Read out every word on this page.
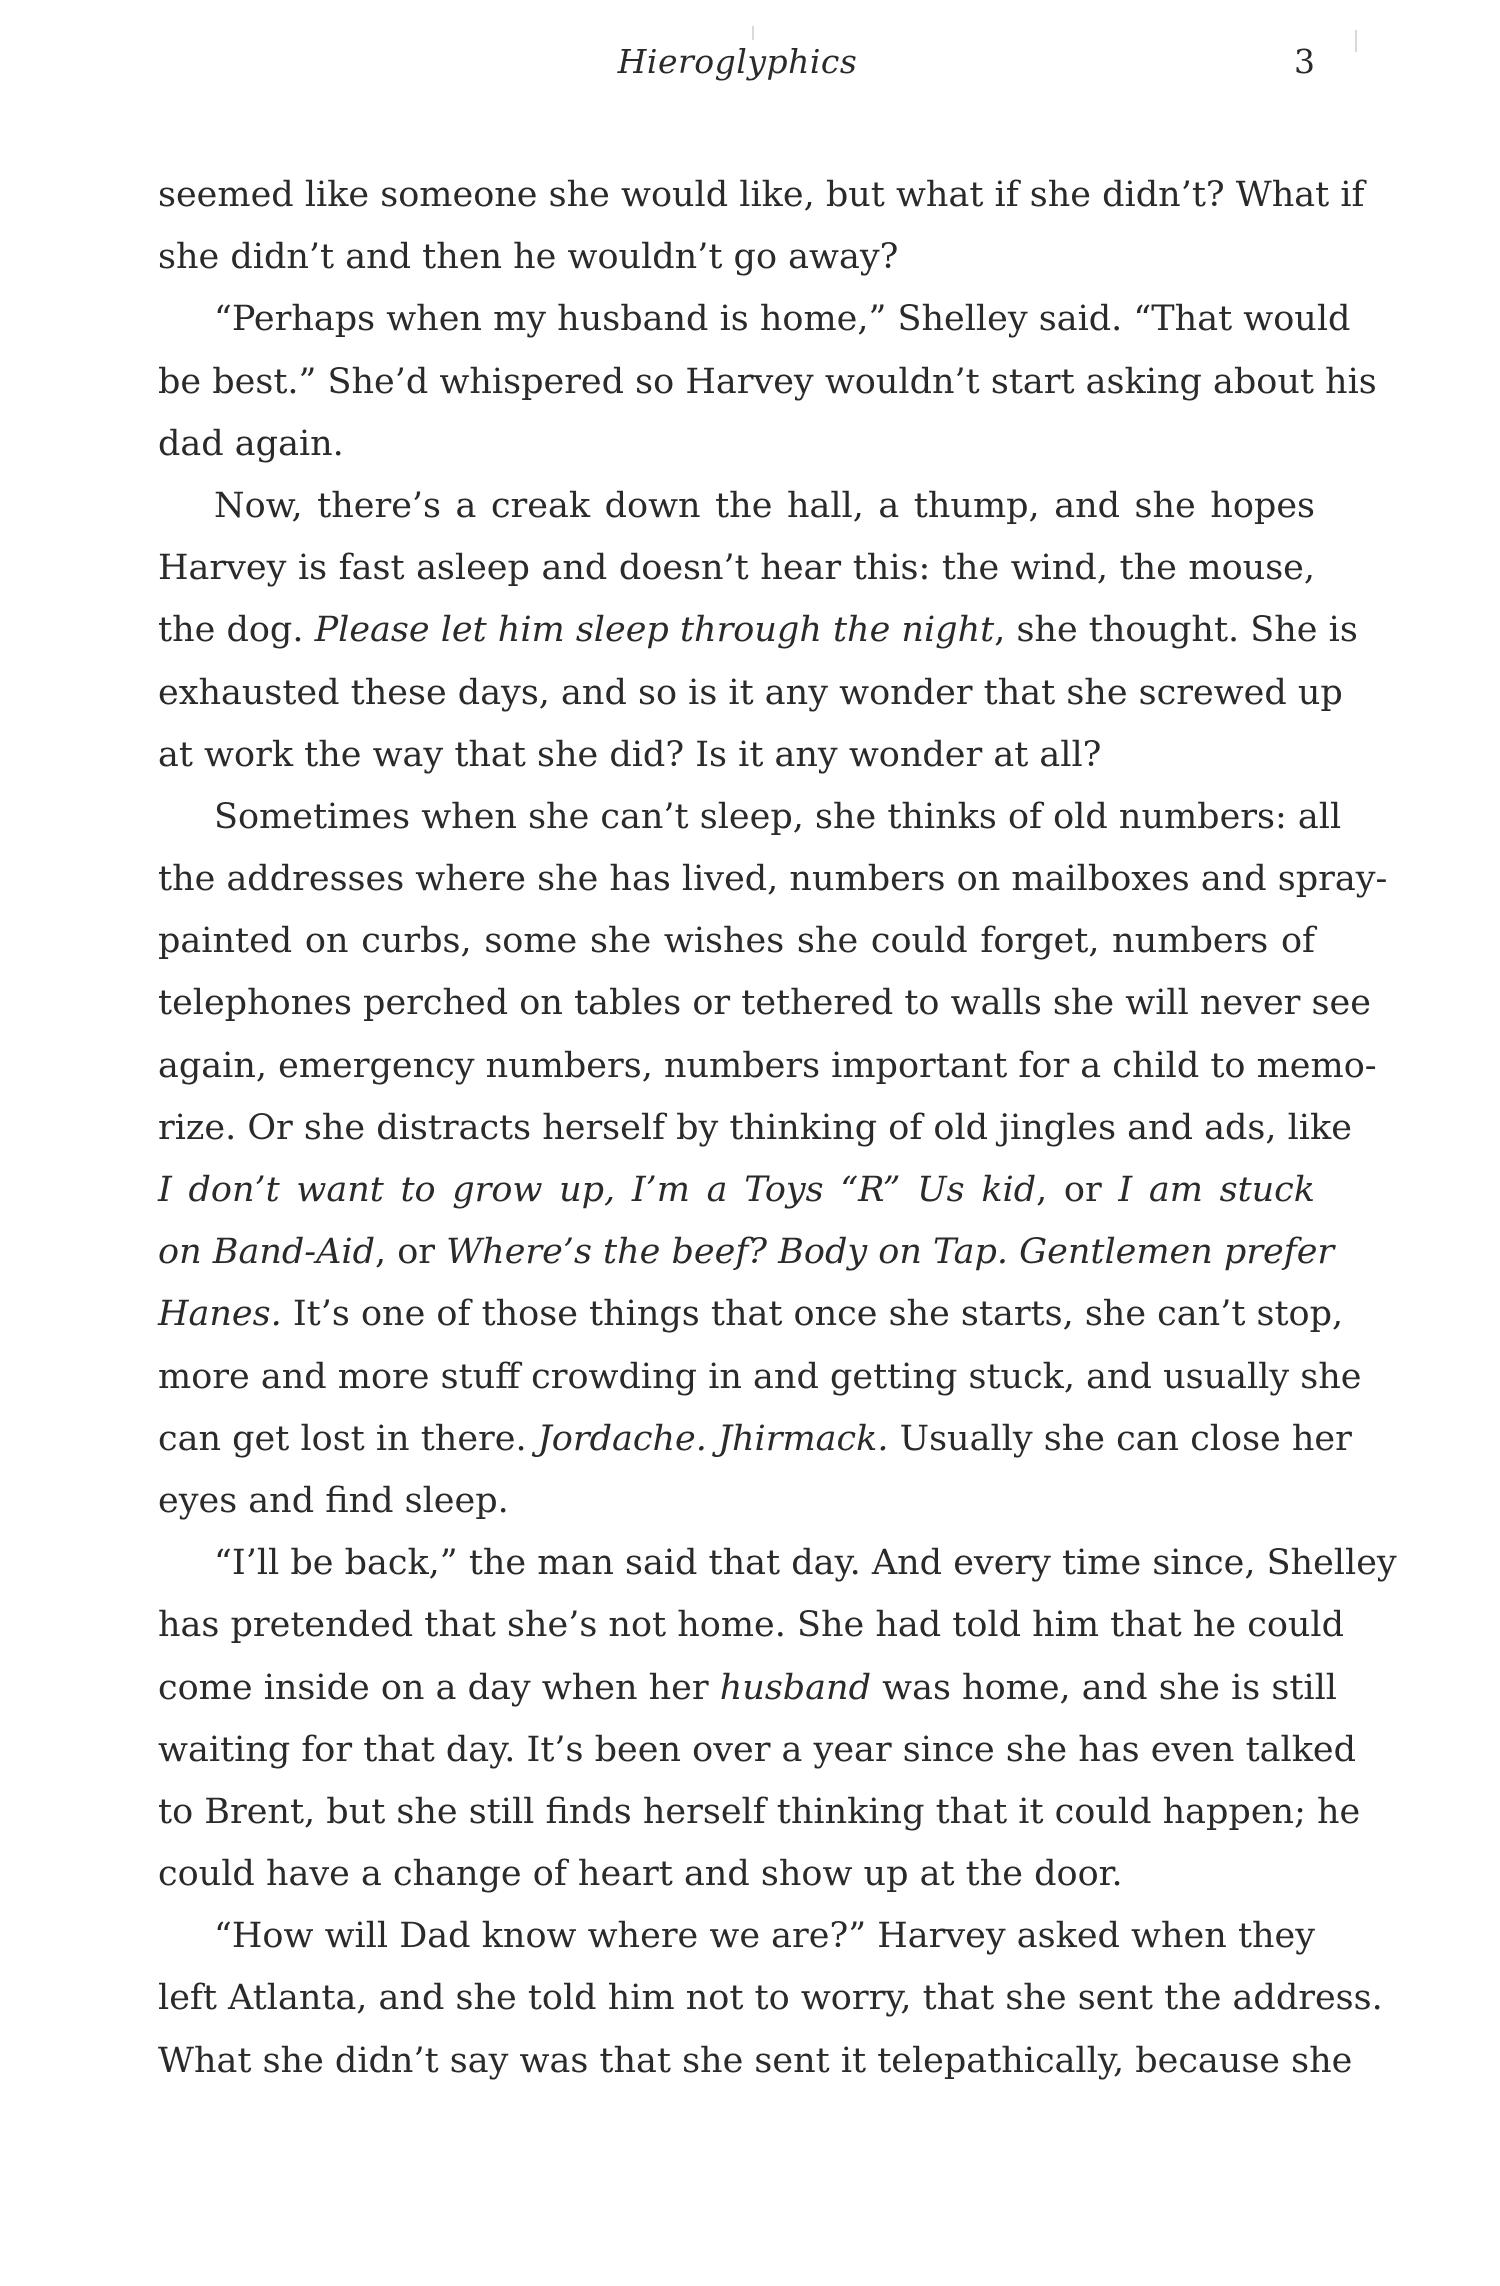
Hieroglyphics	3
seemed like someone she would like, but what if she didn’t? What if
she didn’t and then he wouldn’t go away?
“Perhaps when my husband is home,” Shelley said. “That would
be best.” She’d whispered so Harvey wouldn’t start asking about his
dad again.
Now, there’s a creak down the hall, a thump, and she hopes
Harvey is fast asleep and doesn’t hear this: the wind, the mouse,
the dog. Please let him sleep through the night, she thought. She is
exhausted these days, and so is it any wonder that she screwed up
at work the way that she did? Is it any wonder at all?
Sometimes when she can’t sleep, she thinks of old numbers: all
the addresses where she has lived, numbers on mailboxes and spray-
painted on curbs, some she wishes she could forget, numbers of
telephones perched on tables or tethered to walls she will never see
again, emergency numbers, numbers important for a child to memo-
rize. Or she distracts herself by thinking of old jingles and ads, like
I don’t want to grow up, I’m a Toys “R” Us kid, or I am stuck
on Band-Aid, or Where’s the beef? Body on Tap. Gentlemen prefer
Hanes. It’s one of those things that once she starts, she can’t stop,
more and more stuff crowding in and getting stuck, and usually she
can get lost in there. Jordache. Jhirmack. Usually she can close her
eyes and find sleep.
“I’ll be back,” the man said that day. And every time since, Shelley
has pretended that she’s not home. She had told him that he could
come inside on a day when her husband was home, and she is still
waiting for that day. It’s been over a year since she has even talked
to Brent, but she still finds herself thinking that it could happen; he
could have a change of heart and show up at the door.
“How will Dad know where we are?” Harvey asked when they
left Atlanta, and she told him not to worry, that she sent the address.
What she didn’t say was that she sent it telepathically, because she
